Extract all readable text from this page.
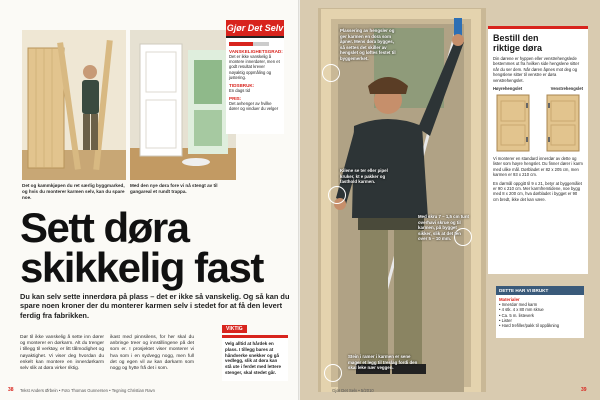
Det og kammkjøpen du ret særlig byggmarked, og hvis du monterer karmen selv, kan du spare noe.
Med den nye døra fore vi nå stengt av til gangareal et rundt trappa.
Gjør Det Selv
VANSKELIGHETSGRAD:
Det er ikke vanskelig å montere innerdører, men et godt resultat krever nøyaktig oppmåling og justering.
TIDSBRUK:
En dags tid
PRIS:
Det avhenger av hvilke dører og vinduer du velger
Sett døra
skikkelig fast
Du kan selv sette innerdøra på plass – det er ikke så vanskelig. Og så kan du spare noen kroner der du monterer karmen selv i stedet for at få den levert ferdig fra fabrikken.
Dør til ikke vanskelig å sette inn dører og monterer en dørkarm. Alt du trenger i tillegg til verktøy, er litt tålmodighet og nøyaktighet. Vi viser deg hvordan du enkelt kan montere en innerdørkarm selv slik at døra virker riktig.
ikast med pinnsilens, for her skal du anbringe treer og innstillingene på det som er. I prosjektet viser monterer vi hva som i en sydvegg nogg, men full det og egen vil av kan dørkarm som nogg og hytte frå det i som.
VIKTIG
Velg alltid at hårdek en plass. I tillegg bares at håndverke snekker og gå vedlegg, slik at døra kan stå ute i ferdet med lettere stenger, skal stedet går.
38 Tekst Anders Ørbein • Foto Thomas Gunnersen • Tegning Christian Ravn
Plassering av hengsler og ger karmen en dora som åpner. Mens døra bygges, så settes det skiller av hengslet og løftes festet til byggemerket.
Kilene se ter eller pipel kruker, kt e pakker og fasthold karmen.
Med skru 7 – 1,5 cm tunt overhavi skrue og til karmen, på bygget sikker, slik at det ten over 5 – 10 mm.
Stein i ramer i karmen er sene mager et legg til treslag fordi den skal leke nær veggen.
Bestill den
riktige døra
Din dørene er hyppen eller venstrehengslede bestemmes ut fra hvilken side hengslene sitter når du ser dem. Når døren åpnes mot deg og hengslene sitter til venstre er døra venstrehengslet.
Høyrehengslet	Venstrehengslet
Vi monterer en standard innerdør av dette og lister som høyre hengslet. Du finner dører i karm med ulike mål. Dørbladet er 82 x 205 cm, men karmen er 93 x 210 cm.
En dørmål oppgitt til 9 x 21, betyr at byggemålet er 90 x 210 cm. Mer karmfremtidene, noe bygg med 8 x 200 cm, hva dørbladet i bygget er 90 cm bredt, ikke det kan være.
DETTE HAR VI BRUKT
Materialer
• Innerdør med karm
• 4 stk. 4 x 80 mm skrue
• Ca. 5 m. listeverk
• Lister
• Hard trefiller/pakk til oppåkning
Gjør Det Selv • 5/2010	39
